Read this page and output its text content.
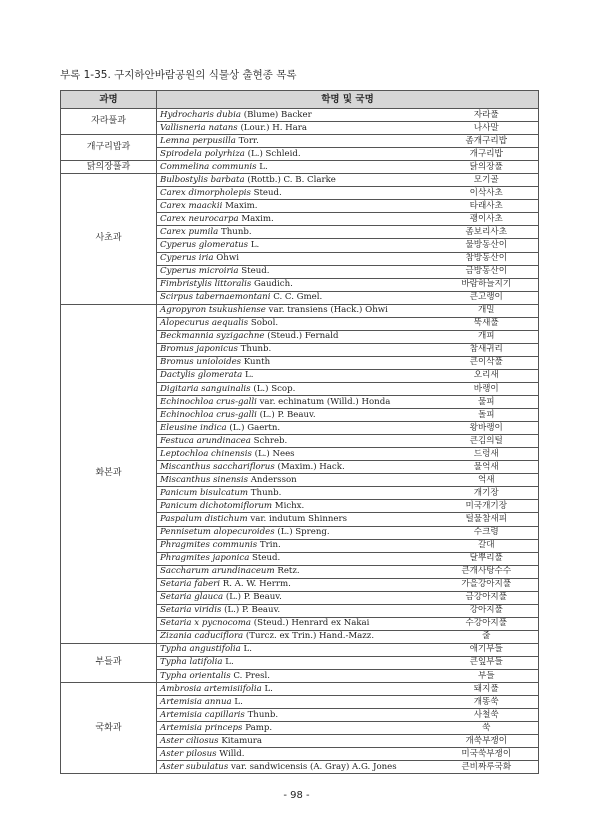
부록 1-35. 구지하안바람공원의 식물상 출현종 목록
과명	학명 및 국명	
자라풀과	Hydrocharis dubia (Blume) Backer	자라풀
	Vallisneria natans (Lour.) H. Hara	나사말
개구리밥과	Lemna perpusilla Torr.	좀개구리밥
	Spirodela polyrhiza (L.) Schleid.	개구리밥
닭의장풀과	Commelina communis L.	닭의장풀
사초과	Bulbostylis barbata (Rottb.) C. B. Clarke	모기골
	Carex dimorpholepis Steud.	이삭사초
	Carex maackii Maxim.	타래사초
	Carex neurocarpa Maxim.	괭이사초
	Carex pumila Thunb.	좀보리사초
	Cyperus glomeratus L.	물방동산이
	Cyperus iria Ohwi	참방동산이
	Cyperus microiria Steud.	금방동산이
	Fimbristylis littoralis Gaudich.	바람하늘지기
	Scirpus tabernaemontani C. C. Gmel.	큰고랭이
화본과	Agropyron tsukushiense var. transiens (Hack.) Ohwi	개밀
	Alopecurus aequalis Sobol.	뚝새풀
	Beckmannia syzigachne (Steud.) Fernald	개피
	Bromus japonicus Thunb.	참새귀리
	Bromus unioloides Kunth	큰이삭풀
	Dactylis glomerata L.	오리새
	Digitaria sanguinalis (L.) Scop.	바랭이
	Echinochloa crus-galli var. echinatum (Willd.) Honda	물피
	Echinochloa crus-galli (L.) P. Beauv.	돌피
	Eleusine indica (L.) Gaertn.	왕바랭이
	Festuca arundinacea Schreb.	큰김의털
	Leptochloa chinensis (L.) Nees	드렁새
	Miscanthus sacchariflorus (Maxim.) Hack.	물억새
	Miscanthus sinensis Andersson	억새
	Panicum bisulcatum Thunb.	개기장
	Panicum dichotomiflorum Michx.	미국개기장
	Paspalum distichum var. indutum Shinners	털물참새피
	Pennisetum alopecuroides (L.) Spreng.	수크령
	Phragmites communis Trin.	갈대
	Phragmites japonica Steud.	달뿌리풀
	Saccharum arundinaceum Retz.	큰개사탕수수
	Setaria faberi R. A. W. Herrm.	가을강아지풀
	Setaria glauca (L.) P. Beauv.	금강아지풀
	Setaria viridis (L.) P. Beauv.	강아지풀
	Setaria x pycnocoma (Steud.) Henrard ex Nakai	수강아지풀
	Zizania caduciflora (Turcz. ex Trin.) Hand.-Mazz.	줄
부들과	Typha angustifolia L.	애기부들
	Typha latifolia L.	큰잎부들
	Typha orientalis C. Presl.	부들
국화과	Ambrosia artemisiifolia L.	돼지풀
	Artemisia annua L.	개똥쑥
	Artemisia capillaris Thunb.	사철쑥
	Artemisia princeps Pamp.	쑥
	Aster ciliosus Kitamura	개쑥부쟁이
	Aster pilosus Willd.	미국쑥부쟁이
	Aster subulatus var. sandwicensis (A. Gray) A.G. Jones	큰비짜루국화
- 98 -
